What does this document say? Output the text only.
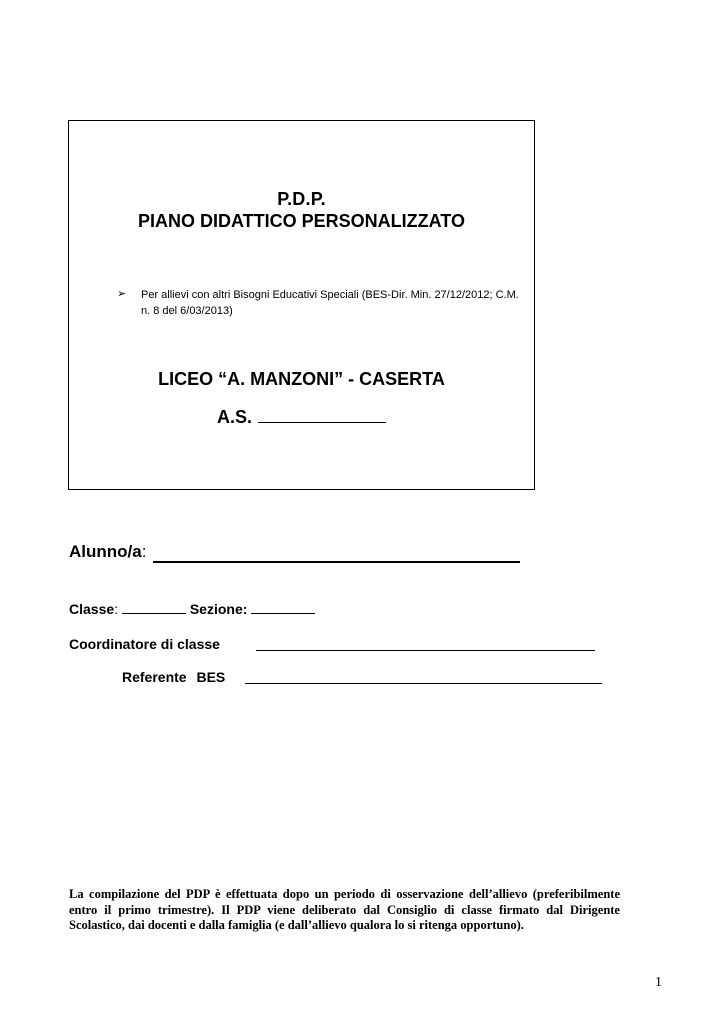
P.D.P.
PIANO DIDATTICO PERSONALIZZATO
➢ Per allievi con altri Bisogni Educativi Speciali (BES-Dir. Min. 27/12/2012; C.M. n. 8 del 6/03/2013)
LICEO “A. MANZONI” - CASERTA
A.S.
Alunno/a:
Classe:	Sezione:
Coordinatore di classe
Referente BES
La compilazione del PDP è effettuata dopo un periodo di osservazione dell’allievo (preferibilmente entro il primo trimestre). Il PDP viene deliberato dal Consiglio di classe firmato dal Dirigente Scolastico, dai docenti e dalla famiglia (e dall’allievo qualora lo si ritenga opportuno).
1
